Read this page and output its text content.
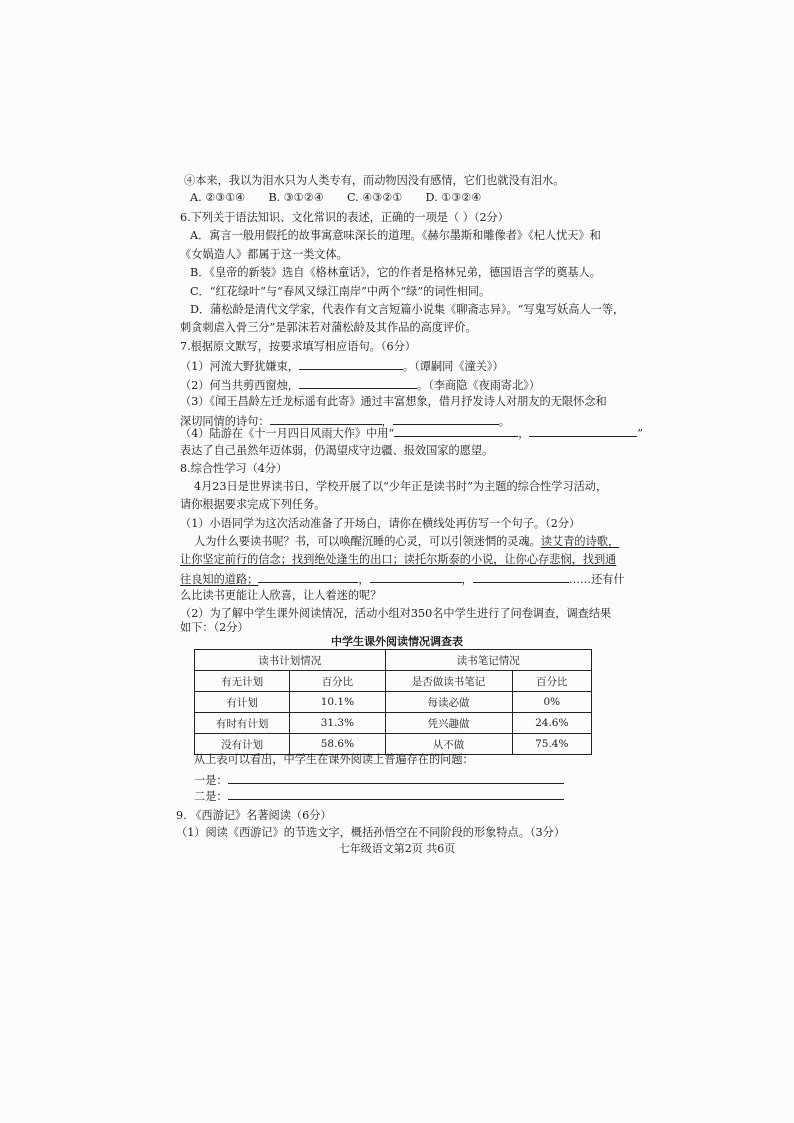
④本来，我以为泪水只为人类专有，而动物因没有感情，它们也就没有泪水。
A. ②③①④ B. ③①②④ C. ④③②① D. ①③②④
6.下列关于语法知识、文化常识的表述，正确的一项是（ ）（2分）
A．寓言一般用假托的故事寓意味深长的道理。《赫尔墨斯和雕像者》《杞人忧天》和
《女娲造人》都属于这一类文体。
B．《皇帝的新装》选自《格林童话》，它的作者是格林兄弟，德国语言学的奠基人。
C．“红花绿叶”与“春风又绿江南岸”中两个“绿”的词性相同。
D．蒲松龄是清代文学家，代表作有文言短篇小说集《聊斋志异》。“写鬼写妖高人一等，
刺贪刺虐入骨三分”是郭沫若对蒲松龄及其作品的高度评价。
7.根据原文默写，按要求填写相应语句。（6分）
（1）河流大野犹嫌束，	。（谭嗣同《潼关》）
（2）何当共剪西窗烛，	。（李商隐《夜雨寄北》）
（3）《闻王昌龄左迁龙标遥有此寄》通过丰富想象，借月抒发诗人对朋友的无限怀念和
深切同情的诗句：	，	。
（4）陆游在《十一月四日风雨大作》中用“	，	”
表达了自己虽然年迈体弱，仍渴望戍守边疆、报效国家的愿望。
8.综合性学习（4分）
4月23日是世界读书日，学校开展了以“少年正是读书时”为主题的综合性学习活动，
请你根据要求完成下列任务。
（1）小语同学为这次活动准备了开场白，请你在横线处再仿写一个句子。（2分）
人为什么要读书呢？书，可以唤醒沉睡的心灵，可以引领迷惘的灵魂。读艾青的诗歌，
让你坚定前行的信念；找到绝处逢生的出口；读托尔斯泰的小说，让你心存悲悯，找到通
往良知的道路；	，	，	……还有什
么比读书更能让人欣喜，让人着迷的呢？
（2）为了解中学生课外阅读情况，活动小组对350名中学生进行了问卷调查，调查结果
如下：（2分）
中学生课外阅读情况调查表
读书计划情况		读书笔记情况	
有无计划	百分比	是否做读书笔记	百分比
有计划	10.1%	每读必做	0%
有时有计划	31.3%	凭兴趣做	24.6%
没有计划	58.6%	从不做	75.4%
从上表可以看出，中学生在课外阅读上普遍存在的问题：
一是：
二是：
9. 《西游记》名著阅读（6分）
（1）阅读《西游记》的节选文字，概括孙悟空在不同阶段的形象特点。（3分）
七年级语文第2页 共6页
